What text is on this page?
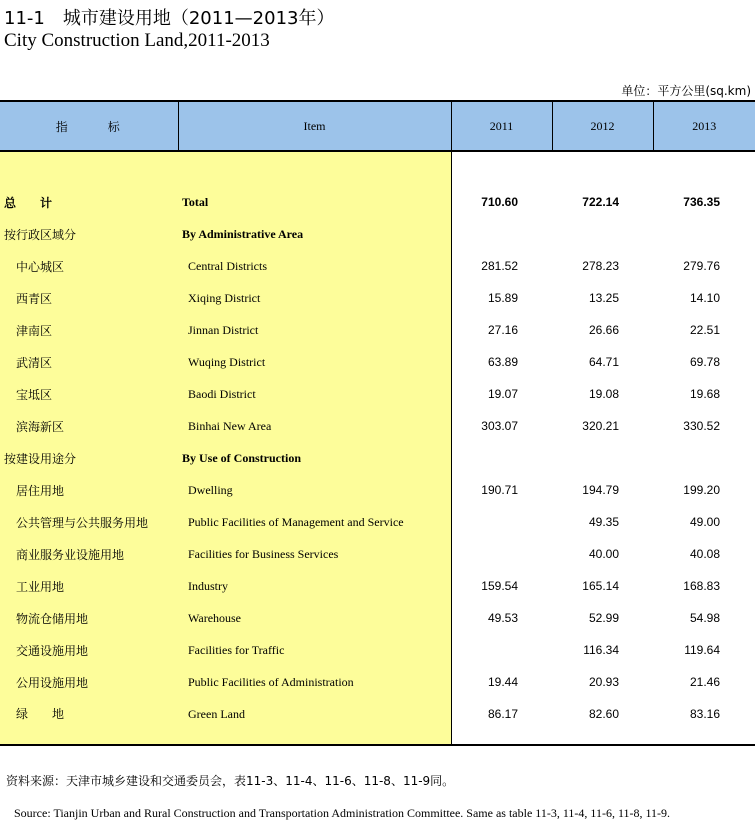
11-1　城市建设用地（2011—2013年）
City Construction Land,2011-2013
单位：平方公里(sq.km)
指　标	Item	2011	2012	2013

总　　计	Total	710.60	722.14	736.35
按行政区域分	By Administrative Area			
中心城区	Central Districts	281.52	278.23	279.76
西青区	Xiqing District	15.89	13.25	14.10
津南区	Jinnan District	27.16	26.66	22.51
武清区	Wuqing District	63.89	64.71	69.78
宝坻区	Baodi District	19.07	19.08	19.68
滨海新区	Binhai New Area	303.07	320.21	330.52
按建设用途分	By Use of Construction			
居住用地	Dwelling	190.71	194.79	199.20
公共管理与公共服务用地	Public Facilities of Management and Service		49.35	49.00
商业服务业设施用地	Facilities for Business Services		40.00	40.08
工业用地	Industry	159.54	165.14	168.83
物流仓储用地	Warehouse	49.53	52.99	54.98
交通设施用地	Facilities for Traffic		116.34	119.64
公用设施用地	Public Facilities of Administration	19.44	20.93	21.46

绿　　地	Green Land	86.17	82.60	83.16
资料来源：天津市城乡建设和交通委员会，表11-3、11-4、11-6、11-8、11-9同。
Source: Tianjin Urban and Rural Construction and Transportation Administration Committee. Same as table 11-3, 11-4, 11-6, 11-8, 11-9.
